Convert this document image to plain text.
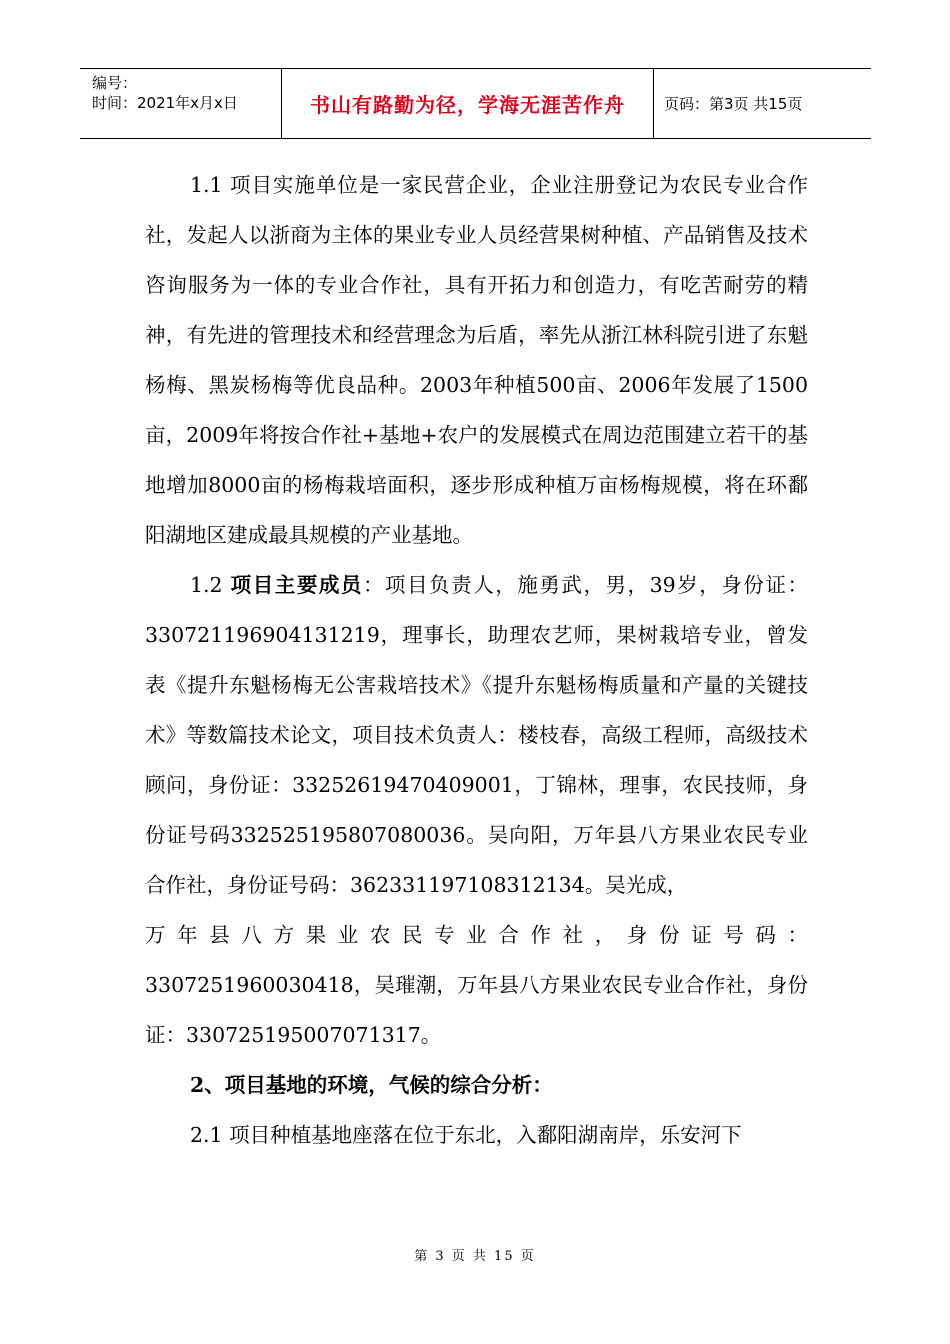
编号：
时间：2021年x月x日	书山有路勤为径，学海无涯苦作舟	页码：第3页 共15页

1.1 项目实施单位是一家民营企业，企业注册登记为农民专业合作社，发起人以浙商为主体的果业专业人员经营果树种植、产品销售及技术咨询服务为一体的专业合作社，具有开拓力和创造力，有吃苦耐劳的精神，有先进的管理技术和经营理念为后盾，率先从浙江林科院引进了东魁杨梅、黑炭杨梅等优良品种。2003年种植500亩、2006年发展了1500亩，2009年将按合作社+基地+农户的发展模式在周边范围建立若干的基地增加8000亩的杨梅栽培面积，逐步形成种植万亩杨梅规模，将在环鄱阳湖地区建成最具规模的产业基地。

1.2 项目主要成员：项目负责人，施勇武，男，39岁，身份证：330721196904131219，理事长，助理农艺师，果树栽培专业，曾发表《提升东魁杨梅无公害栽培技术》《提升东魁杨梅质量和产量的关键技术》等数篇技术论文，项目技术负责人：楼枝春，高级工程师，高级技术顾问，身份证：33252619470409001，丁锦林，理事，农民技师，身份证号码332525195807080036。吴向阳，万年县八方果业农民专业合作社，身份证号码：362331197108312134。吴光成，

万年县八方果业农民专业合作社，身份证号码：

3307251960030418，吴璀潮，万年县八方果业农民专业合作社，身份证：330725195007071317。

2、项目基地的环境，气候的综合分析：

2.1 项目种植基地座落在位于东北，入鄱阳湖南岸，乐安河下

第 3 页 共 15 页
